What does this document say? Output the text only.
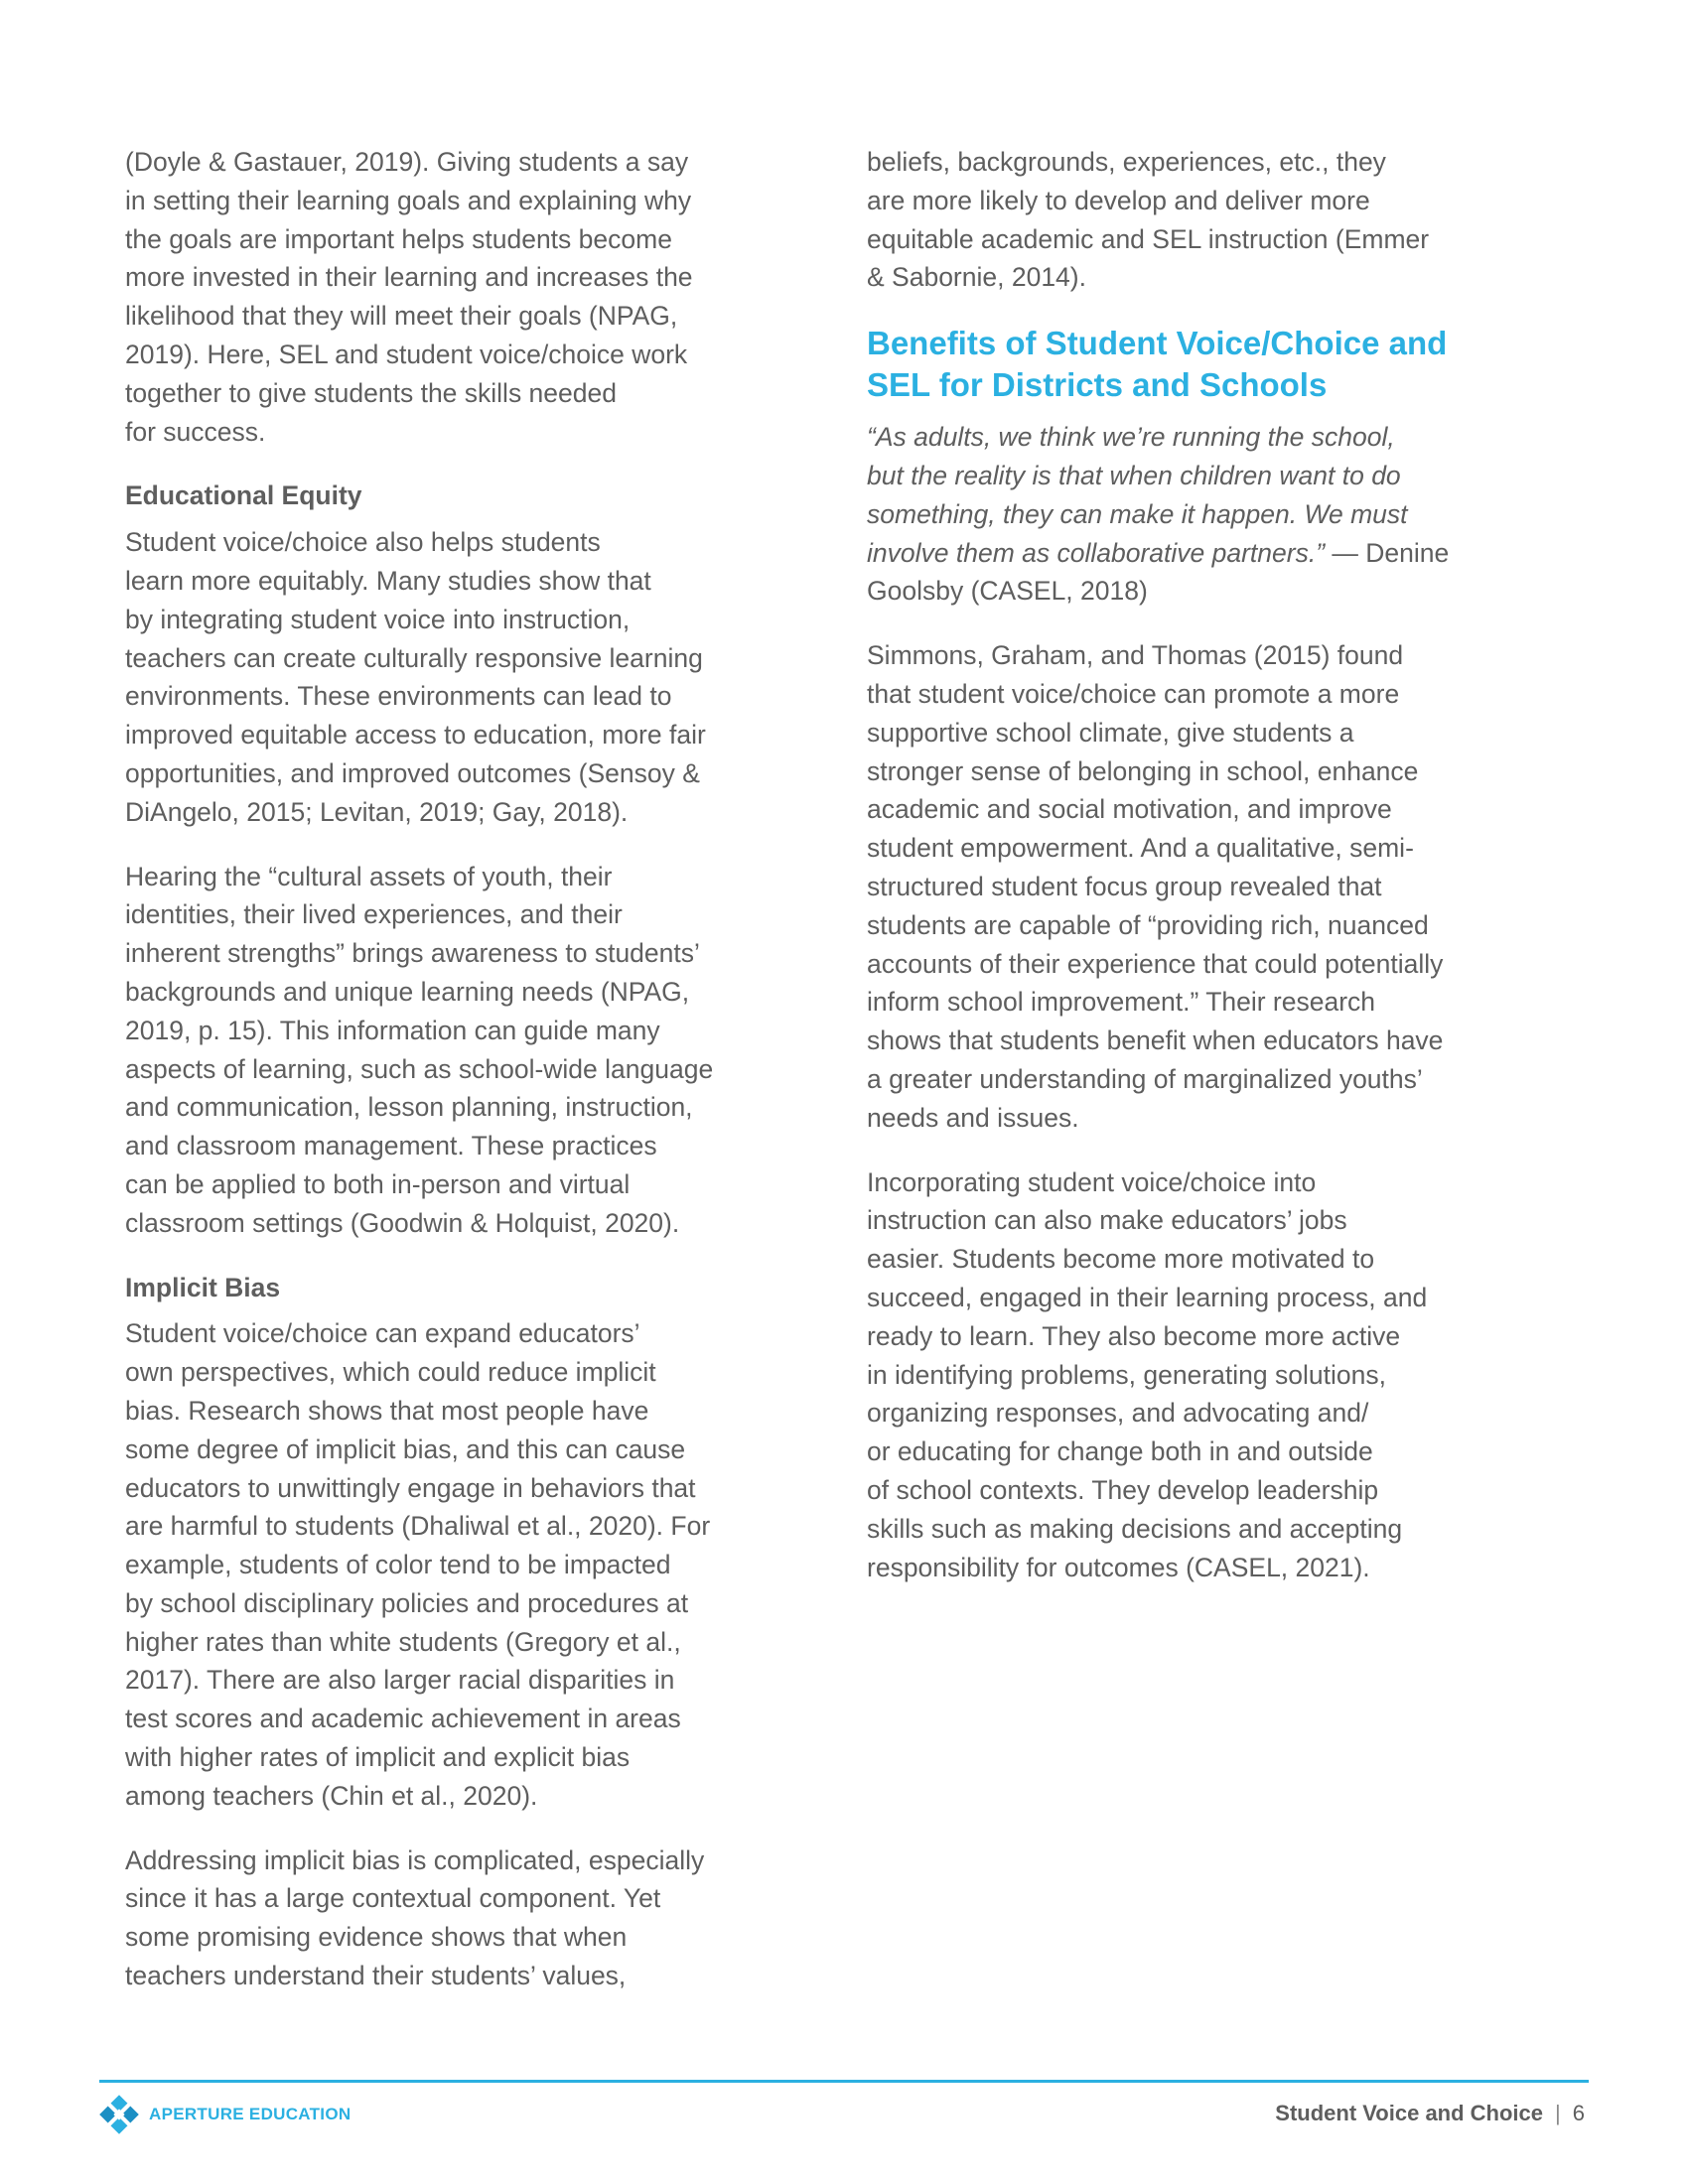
(Doyle & Gastauer, 2019). Giving students a say
in setting their learning goals and explaining why
the goals are important helps students become
more invested in their learning and increases the
likelihood that they will meet their goals (NPAG,
2019). Here, SEL and student voice/choice work
together to give students the skills needed
for success.

Educational Equity

Student voice/choice also helps students
learn more equitably. Many studies show that
by integrating student voice into instruction,
teachers can create culturally responsive learning
environments. These environments can lead to
improved equitable access to education, more fair
opportunities, and improved outcomes (Sensoy &
DiAngelo, 2015; Levitan, 2019; Gay, 2018).

Hearing the “cultural assets of youth, their
identities, their lived experiences, and their
inherent strengths” brings awareness to students’
backgrounds and unique learning needs (NPAG,
2019, p. 15). This information can guide many
aspects of learning, such as school-wide language
and communication, lesson planning, instruction,
and classroom management. These practices
can be applied to both in-person and virtual
classroom settings (Goodwin & Holquist, 2020).

Implicit Bias

Student voice/choice can expand educators’
own perspectives, which could reduce implicit
bias. Research shows that most people have
some degree of implicit bias, and this can cause
educators to unwittingly engage in behaviors that
are harmful to students (Dhaliwal et al., 2020). For
example, students of color tend to be impacted
by school disciplinary policies and procedures at
higher rates than white students (Gregory et al.,
2017). There are also larger racial disparities in
test scores and academic achievement in areas
with higher rates of implicit and explicit bias
among teachers (Chin et al., 2020).

Addressing implicit bias is complicated, especially
since it has a large contextual component. Yet
some promising evidence shows that when
teachers understand their students’ values,

beliefs, backgrounds, experiences, etc., they
are more likely to develop and deliver more
equitable academic and SEL instruction (Emmer
& Sabornie, 2014).

Benefits of Student Voice/Choice and
SEL for Districts and Schools
“As adults, we think we’re running the school,
but the reality is that when children want to do
something, they can make it happen. We must
involve them as collaborative partners.” — Denine
Goolsby (CASEL, 2018)

Simmons, Graham, and Thomas (2015) found
that student voice/choice can promote a more
supportive school climate, give students a
stronger sense of belonging in school, enhance
academic and social motivation, and improve
student empowerment. And a qualitative, semi-
structured student focus group revealed that
students are capable of “providing rich, nuanced
accounts of their experience that could potentially
inform school improvement.” Their research
shows that students benefit when educators have
a greater understanding of marginalized youths’
needs and issues.

Incorporating student voice/choice into
instruction can also make educators’ jobs
easier. Students become more motivated to
succeed, engaged in their learning process, and
ready to learn. They also become more active
in identifying problems, generating solutions,
organizing responses, and advocating and/
or educating for change both in and outside
of school contexts. They develop leadership
skills such as making decisions and accepting
responsibility for outcomes (CASEL, 2021).

APERTURE EDUCATION	Student Voice and Choice | 6
